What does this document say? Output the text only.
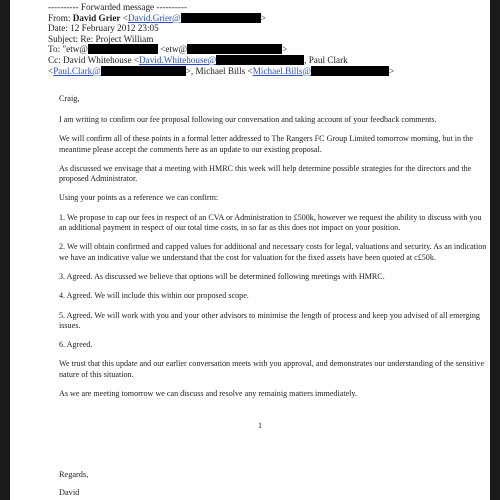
---------- Forwarded message ----------
From: David Grier <David.Grier@	>
Date: 12 February 2012 23:05
Subject: Re: Project William
To: "etw@	<etw@	>
Cc: David Whitehouse <David.Whitehouse@	, Paul Clark
<Paul.Clark@	>, Michael Bills <Michael.Bills@	>
Craig,

I am writing to confirm our fee proposal following our conversation and taking account of your feedback comments.

We will confirm all of these points in a formal letter addressed to The Rangers FC Group Limited tomorrow morning, but in the meantime please accept the comments here as an update to our existing proposal.

As discussed we envisage that a meeting with HMRC this week will help determine possible strategies for the directors and the proposed Administrator.

Using your points as a reference we can confirm:

1. We propose to cap our fees in respect of an CVA or Administration to £500k, however we request the ability to discuss with you an additional payment in respect of our total time costs, in so far as this does not impact on your position.

2. We will obtain confirmed and capped values for additional and necessary costs for legal, valuations and security. As an indication we have an indicative value we understand that the cost for valuation for the fixed assets have been quoted at c£50k.

3. Agreed. As discussed we believe that options will be determined following meetings with HMRC.

4. Agreed. We will include this within our proposed scope.

5. Agreed. We will work with you and your other advisors to minimise the length of process and keep you advised of all emerging issues.

6. Agreed.

We trust that this update and our earlier conversation meets with you approval, and demonstrates our understanding of the sensitive nature of this situation.

As we are meeting tomorrow we can discuss and resolve any remainig matters immediately.

1
Regards,
David
